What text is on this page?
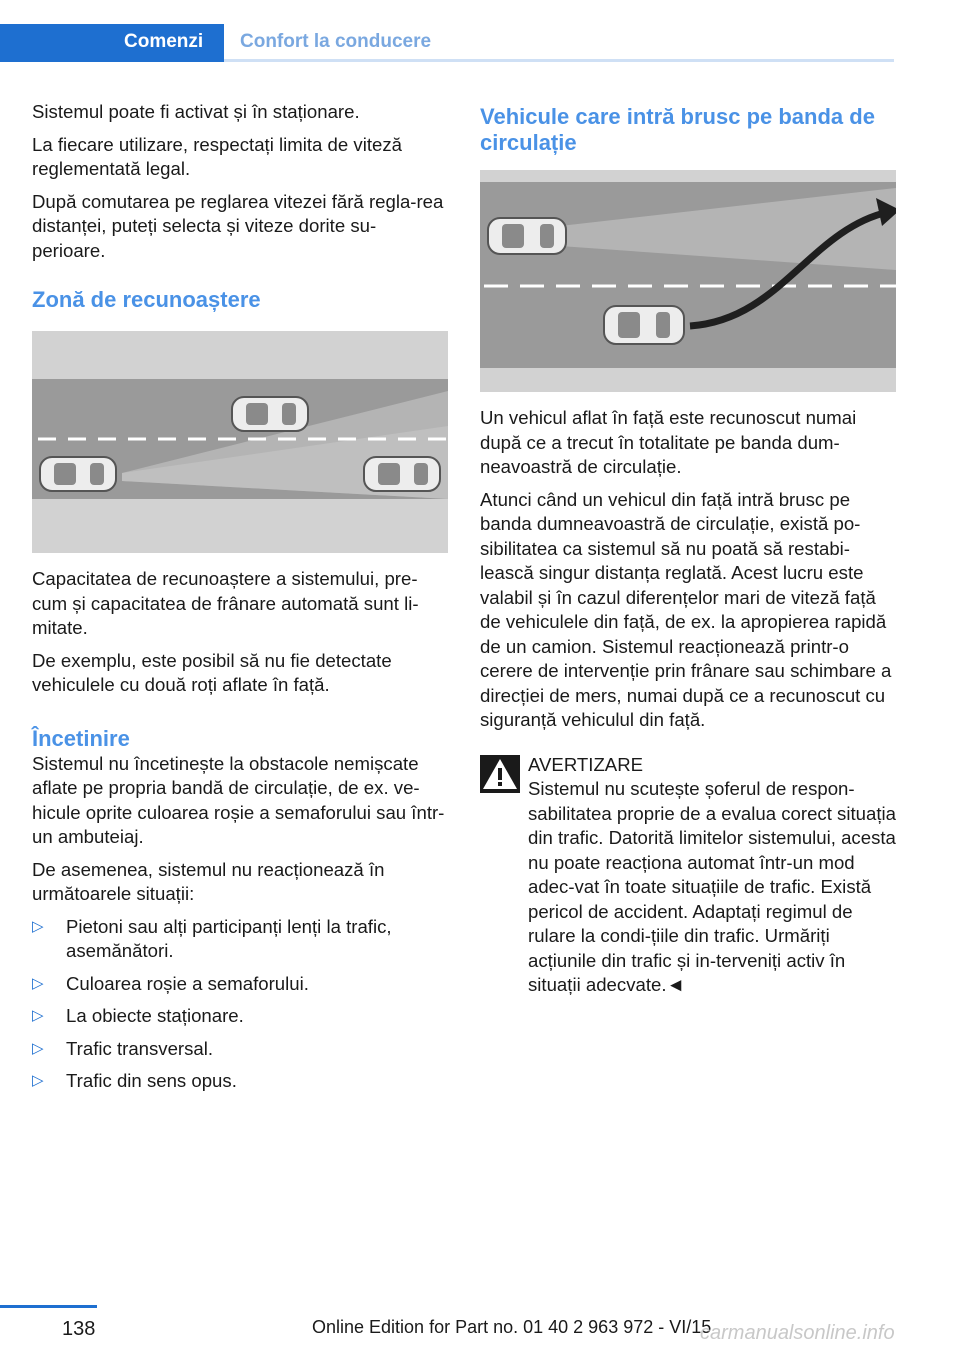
Comenzi	Confort la conducere

Sistemul poate fi activat și în staționare.

La fiecare utilizare, respectați limita de viteză reglementată legal.

După comutarea pe reglarea vitezei fără regla‐rea distanței, puteți selecta și viteze dorite su‐perioare.

Zonă de recunoaștere

Capacitatea de recunoaștere a sistemului, pre‐cum și capacitatea de frânare automată sunt li‐mitate.

De exemplu, este posibil să nu fie detectate vehiculele cu două roți aflate în față.

Încetinire

Sistemul nu încetinește la obstacole nemișcate aflate pe propria bandă de circulație, de ex. ve‐hicule oprite culoarea roșie a semaforului sau într-un ambuteiaj.

De asemenea, sistemul nu reacționează în următoarele situații:

▷ Pietoni sau alți participanți lenți la trafic, asemănători.
▷ Culoarea roșie a semaforului.
▷ La obiecte staționare.
▷ Trafic transversal.
▷ Trafic din sens opus.
Vehicule care intră brusc pe banda de circulație

Un vehicul aflat în față este recunoscut numai după ce a trecut în totalitate pe banda dum‐neavoastră de circulație.

Atunci când un vehicul din față intră brusc pe banda dumneavoastră de circulație, există po‐sibilitatea ca sistemul să nu poată să restabi‐lească singur distanța reglată. Acest lucru este valabil și în cazul diferențelor mari de viteză față de vehiculele din față, de ex. la apropierea rapidă de un camion. Sistemul reacționează printr-o cerere de intervenție prin frânare sau schimbare a direcției de mers, numai după ce a recunoscut cu siguranță vehiculul din față.

AVERTIZARE

Sistemul nu scutește șoferul de respon‐sabilitatea proprie de a evalua corect situația din trafic. Datorită limitelor sistemului, acesta nu poate reacționa automat într-un mod adec‐vat în toate situațiile de trafic. Există pericol de accident. Adaptați regimul de rulare la condi‐țiile din trafic. Urmăriți acțiunile din trafic și in‐terveniți activ în situații adecvate.◄

138	Online Edition for Part no. 01 40 2 963 972 - VI/15
carmanualsonline.info
